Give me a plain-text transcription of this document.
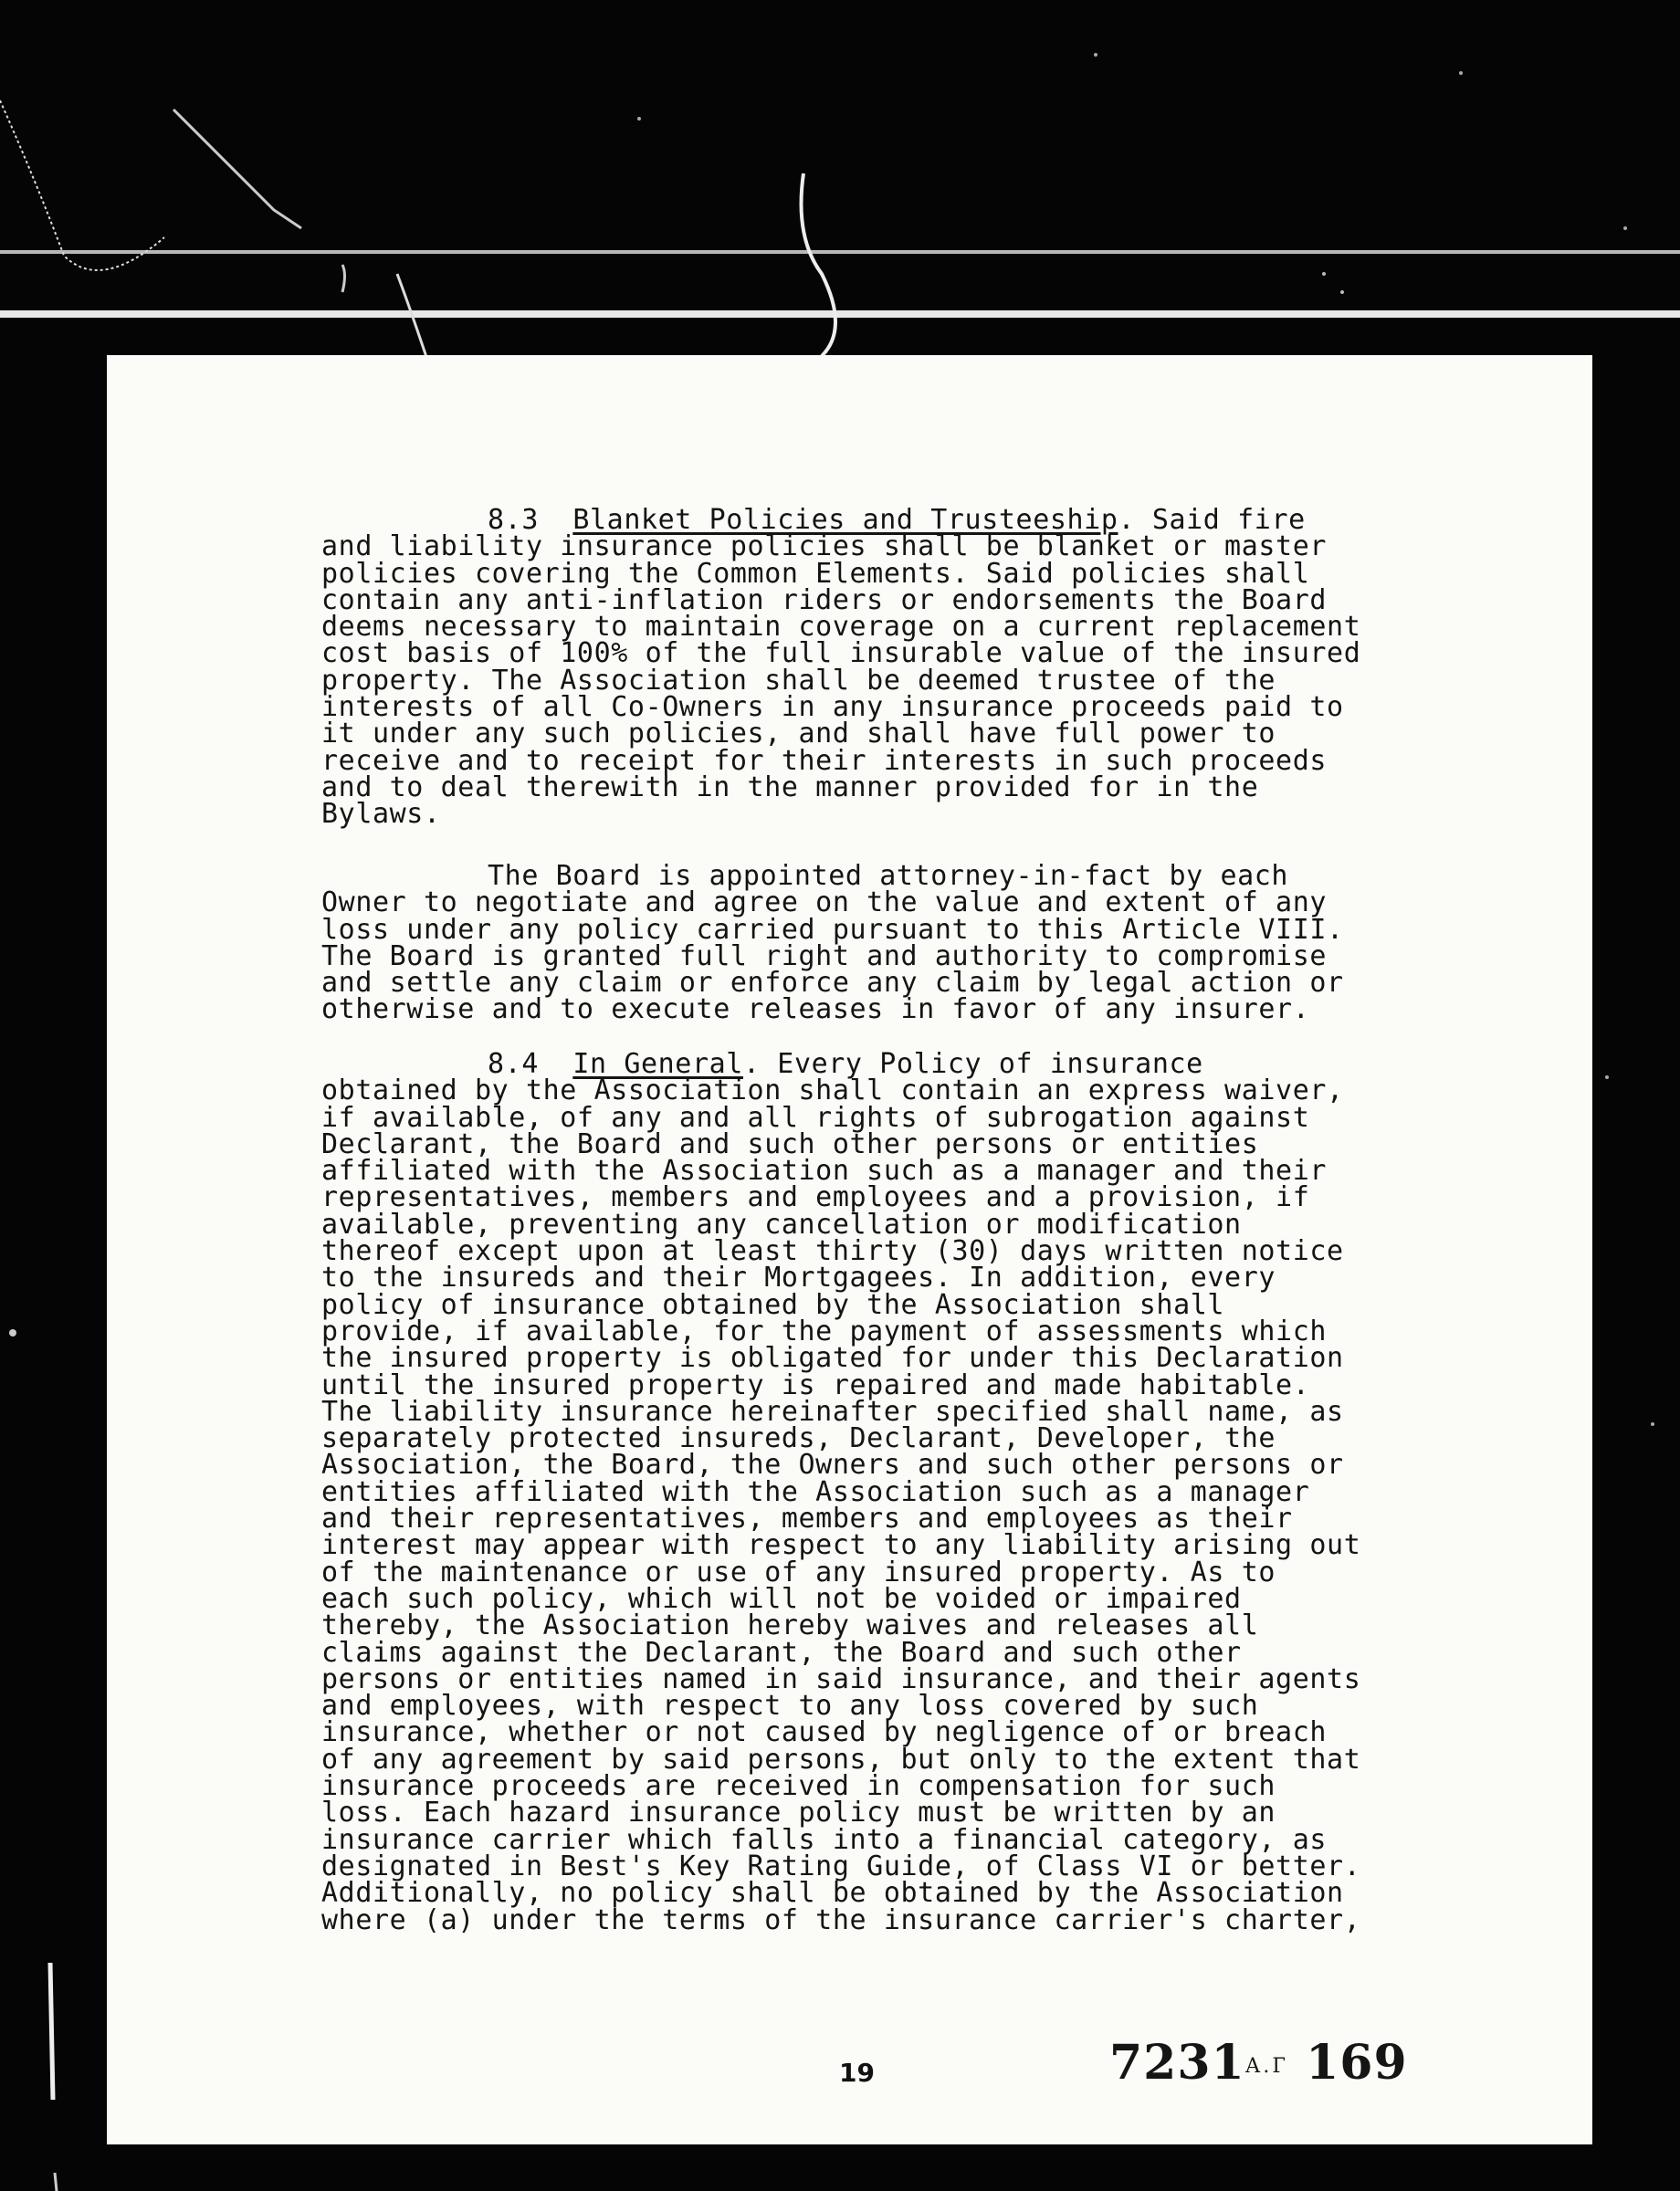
8.3 Blanket Policies and Trusteeship. Said fire
and liability insurance policies shall be blanket or master
policies covering the Common Elements. Said policies shall
contain any anti-inflation riders or endorsements the Board
deems necessary to maintain coverage on a current replacement
cost basis of 100% of the full insurable value of the insured
property. The Association shall be deemed trustee of the
interests of all Co-Owners in any insurance proceeds paid to
it under any such policies, and shall have full power to
receive and to receipt for their interests in such proceeds
and to deal therewith in the manner provided for in the
Bylaws.
The Board is appointed attorney-in-fact by each
Owner to negotiate and agree on the value and extent of any
loss under any policy carried pursuant to this Article VIII.
The Board is granted full right and authority to compromise
and settle any claim or enforce any claim by legal action or
otherwise and to execute releases in favor of any insurer.
8.4 In General. Every Policy of insurance
obtained by the Association shall contain an express waiver,
if available, of any and all rights of subrogation against
Declarant, the Board and such other persons or entities
affiliated with the Association such as a manager and their
representatives, members and employees and a provision, if
available, preventing any cancellation or modification
thereof except upon at least thirty (30) days written notice
to the insureds and their Mortgagees. In addition, every
policy of insurance obtained by the Association shall
provide, if available, for the payment of assessments which
the insured property is obligated for under this Declaration
until the insured property is repaired and made habitable.
The liability insurance hereinafter specified shall name, as
separately protected insureds, Declarant, Developer, the
Association, the Board, the Owners and such other persons or
entities affiliated with the Association such as a manager
and their representatives, members and employees as their
interest may appear with respect to any liability arising out
of the maintenance or use of any insured property. As to
each such policy, which will not be voided or impaired
thereby, the Association hereby waives and releases all
claims against the Declarant, the Board and such other
persons or entities named in said insurance, and their agents
and employees, with respect to any loss covered by such
insurance, whether or not caused by negligence of or breach
of any agreement by said persons, but only to the extent that
insurance proceeds are received in compensation for such
loss. Each hazard insurance policy must be written by an
insurance carrier which falls into a financial category, as
designated in Best's Key Rating Guide, of Class VI or better.
Additionally, no policy shall be obtained by the Association
where (a) under the terms of the insurance carrier's charter,
19	7231А.Г 169
